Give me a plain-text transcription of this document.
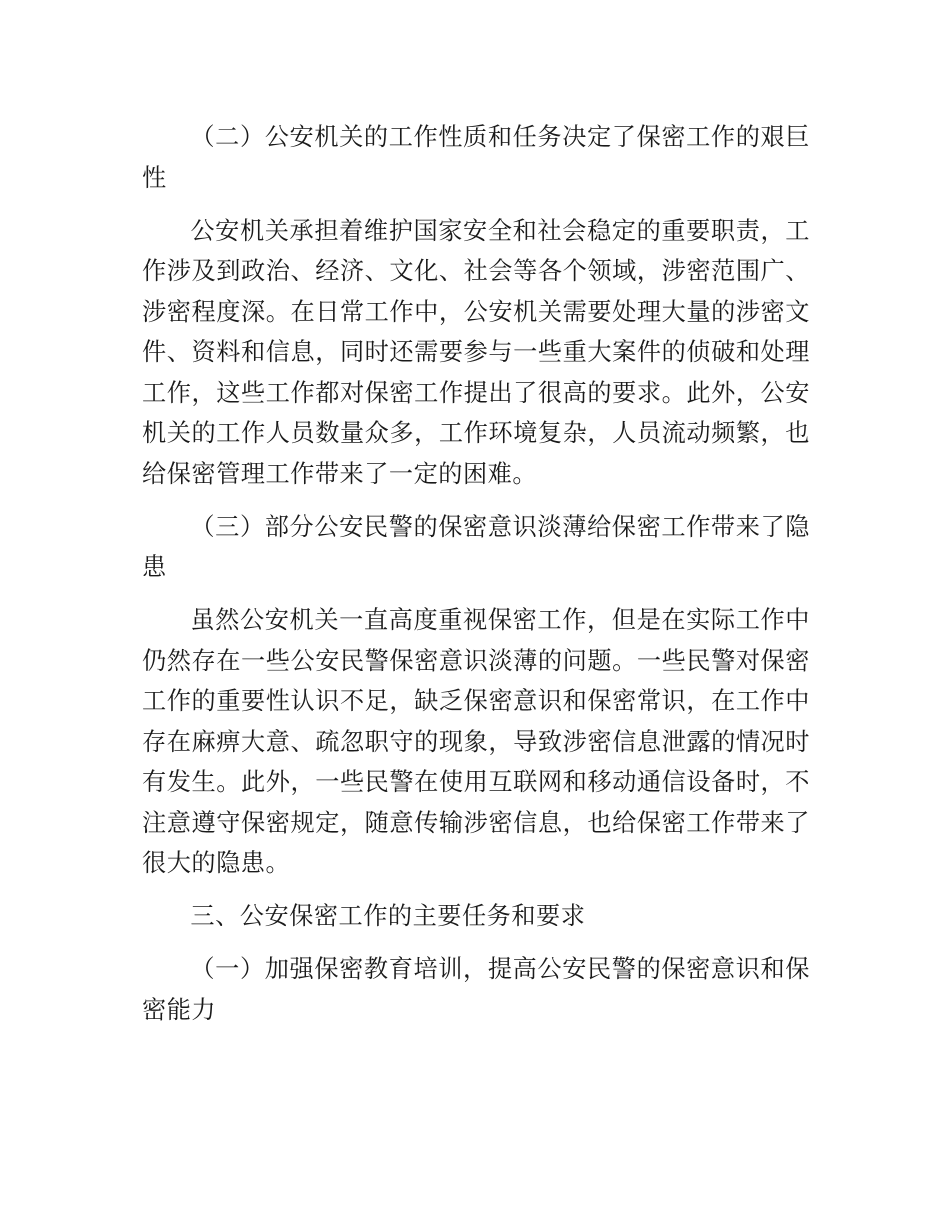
（二）公安机关的工作性质和任务决定了保密工作的艰巨性

公安机关承担着维护国家安全和社会稳定的重要职责，工作涉及到政治、经济、文化、社会等各个领域，涉密范围广、涉密程度深。在日常工作中，公安机关需要处理大量的涉密文件、资料和信息，同时还需要参与一些重大案件的侦破和处理工作，这些工作都对保密工作提出了很高的要求。此外，公安机关的工作人员数量众多，工作环境复杂，人员流动频繁，也给保密管理工作带来了一定的困难。

（三）部分公安民警的保密意识淡薄给保密工作带来了隐患

虽然公安机关一直高度重视保密工作，但是在实际工作中仍然存在一些公安民警保密意识淡薄的问题。一些民警对保密工作的重要性认识不足，缺乏保密意识和保密常识，在工作中存在麻痹大意、疏忽职守的现象，导致涉密信息泄露的情况时有发生。此外，一些民警在使用互联网和移动通信设备时，不注意遵守保密规定，随意传输涉密信息，也给保密工作带来了很大的隐患。

三、公安保密工作的主要任务和要求

（一）加强保密教育培训，提高公安民警的保密意识和保密能力
